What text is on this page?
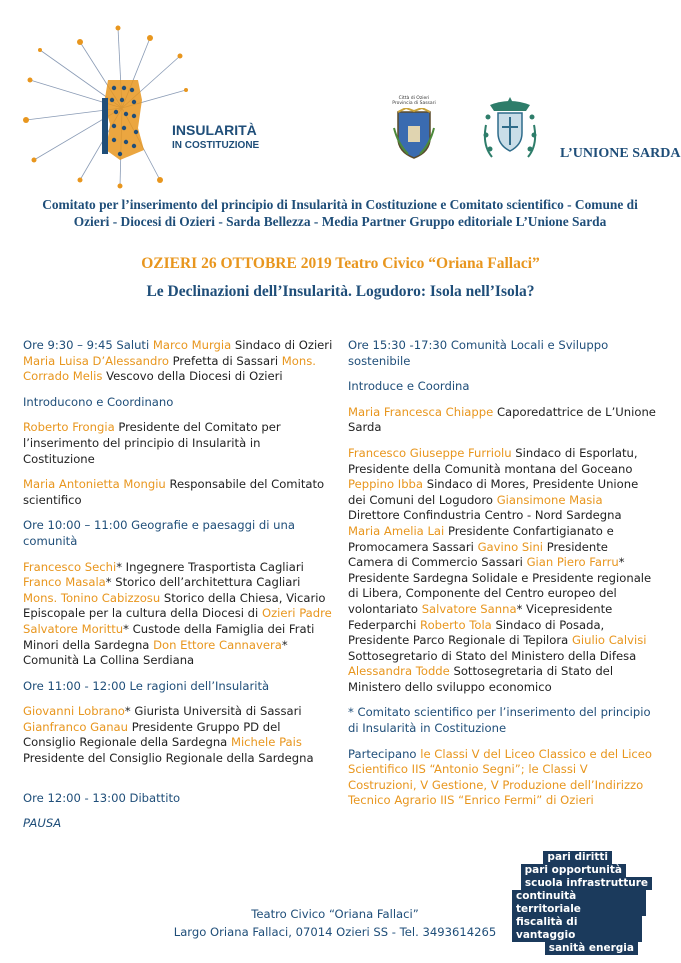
INSULARITÀ
IN COSTITUZIONE
Città di Ozieri
Provincia di Sassari
L’UNIONE SARDA
Comitato per l’inserimento del principio di Insularità in Costituzione e Comitato scientifico - Comune di Ozieri - Diocesi di Ozieri - Sarda Bellezza - Media Partner Gruppo editoriale L’Unione Sarda
OZIERI 26 OTTOBRE 2019 Teatro Civico “Oriana Fallaci”
Le Declinazioni dell’Insularità. Logudoro: Isola nell’Isola?

Ore 9:30 – 9:45 Saluti Marco Murgia Sindaco di Ozieri Maria Luisa D’Alessandro Prefetta di Sassari Mons. Corrado Melis Vescovo della Diocesi di Ozieri

Introducono e Coordinano

Roberto Frongia Presidente del Comitato per l’inserimento del principio di Insularità in Costituzione

Maria Antonietta Mongiu Responsabile del Comitato scientifico

Ore 10:00 – 11:00 Geografie e paesaggi di una comunità

Francesco Sechi* Ingegnere Trasportista Cagliari Franco Masala* Storico dell’architettura Cagliari Mons. Tonino Cabizzosu Storico della Chiesa, Vicario Episcopale per la cultura della Diocesi di Ozieri Padre Salvatore Morittu* Custode della Famiglia dei Frati Minori della Sardegna Don Ettore Cannavera* Comunità La Collina Serdiana

Ore 11:00 - 12:00 Le ragioni dell’Insularità

Giovanni Lobrano* Giurista Università di Sassari Gianfranco Ganau Presidente Gruppo PD del Consiglio Regionale della Sardegna Michele Pais Presidente del Consiglio Regionale della Sardegna

Ore 12:00 - 13:00 Dibattito

PAUSA

Ore 15:30 -17:30 Comunità Locali e Sviluppo sostenibile

Introduce e Coordina

Maria Francesca Chiappe Caporedattrice de L’Unione Sarda

Francesco Giuseppe Furriolu Sindaco di Esporlatu, Presidente della Comunità montana del Goceano Peppino Ibba Sindaco di Mores, Presidente Unione dei Comuni del Logudoro Giansimone Masia Direttore Confindustria Centro - Nord Sardegna Maria Amelia Lai Presidente Confartigianato e Promocamera Sassari Gavino Sini Presidente Camera di Commercio Sassari Gian Piero Farru* Presidente Sardegna Solidale e Presidente regionale di Libera, Componente del Centro europeo del volontariato Salvatore Sanna* Vicepresidente Federparchi Roberto Tola Sindaco di Posada, Presidente Parco Regionale di Tepilora Giulio Calvisi Sottosegretario di Stato del Ministero della Difesa Alessandra Todde Sottosegretaria di Stato del Ministero dello sviluppo economico

* Comitato scientifico per l’inserimento del principio di Insularità in Costituzione

Partecipano le Classi V del Liceo Classico e del Liceo Scientifico IIS “Antonio Segni”; le Classi V Costruzioni, V Gestione, V Produzione dell’Indirizzo Tecnico Agrario IIS “Enrico Fermi” di Ozieri

Teatro Civico “Oriana Fallaci”
Largo Oriana Fallaci, 07014 Ozieri SS - Tel. 3493614265
pari diritti
pari opportunità
scuola infrastrutture
continuità territoriale
fiscalità di vantaggio
sanità energia
